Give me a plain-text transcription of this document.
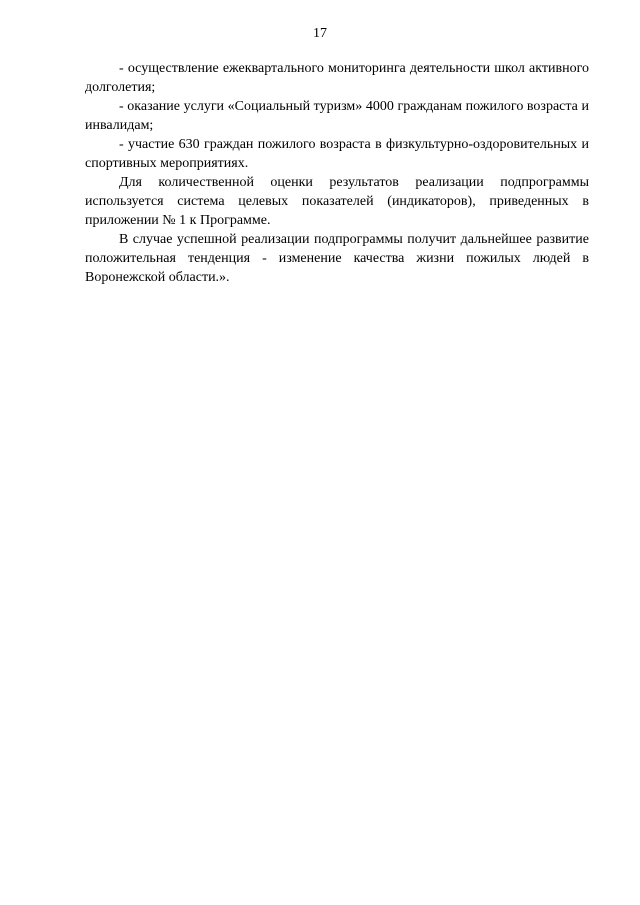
17

- осуществление ежеквартального мониторинга деятельности школ активного долголетия;

- оказание услуги «Социальный туризм» 4000 гражданам пожилого возраста и инвалидам;

- участие 630 граждан пожилого возраста в физкультурно-оздоровительных и спортивных мероприятиях.

Для количественной оценки результатов реализации подпрограммы используется система целевых показателей (индикаторов), приведенных в приложении № 1 к Программе.

В случае успешной реализации подпрограммы получит дальнейшее развитие положительная тенденция - изменение качества жизни пожилых людей в Воронежской области.».
